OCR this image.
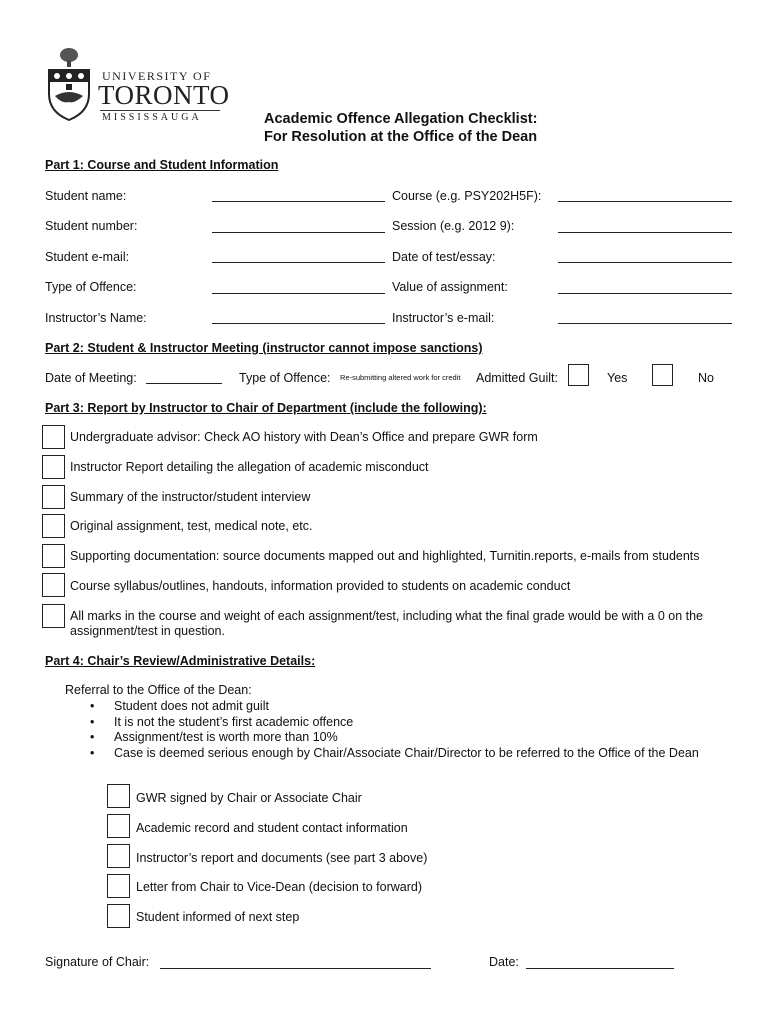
UNIVERSITY OF
TORONTO
MISSISSAUGA	Academic Offence Allegation Checklist:
For Resolution at the Office of the Dean
Part 1: Course and Student Information
Student name:	Course (e.g. PSY202H5F):
Student number:	Session (e.g. 2012 9):
Student e-mail:	Date of test/essay:
Type of Offence:	Value of assignment:
Instructor’s Name:	Instructor’s e-mail:
Part 2: Student & Instructor Meeting (instructor cannot impose sanctions)
Date of Meeting:	Type of Offence: Re-submitting altered work for credit Admitted Guilt:	Yes	No
Part 3: Report by Instructor to Chair of Department (include the following):
Undergraduate advisor: Check AO history with Dean’s Office and prepare GWR form
Instructor Report detailing the allegation of academic misconduct
Summary of the instructor/student interview
Original assignment, test, medical note, etc.
Supporting documentation: source documents mapped out and highlighted, Turnitin.reports, e-mails from students
Course syllabus/outlines, handouts, information provided to students on academic conduct
All marks in the course and weight of each assignment/test, including what the final grade would be with a 0 on the
assignment/test in question.
Part 4: Chair’s Review/Administrative Details:
Referral to the Office of the Dean:
• Student does not admit guilt
• It is not the student’s first academic offence
• Assignment/test is worth more than 10%
• Case is deemed serious enough by Chair/Associate Chair/Director to be referred to the Office of the Dean
GWR signed by Chair or Associate Chair
Academic record and student contact information
Instructor’s report and documents (see part 3 above)
Letter from Chair to Vice-Dean (decision to forward)
Student informed of next step
Signature of Chair:	Date:
